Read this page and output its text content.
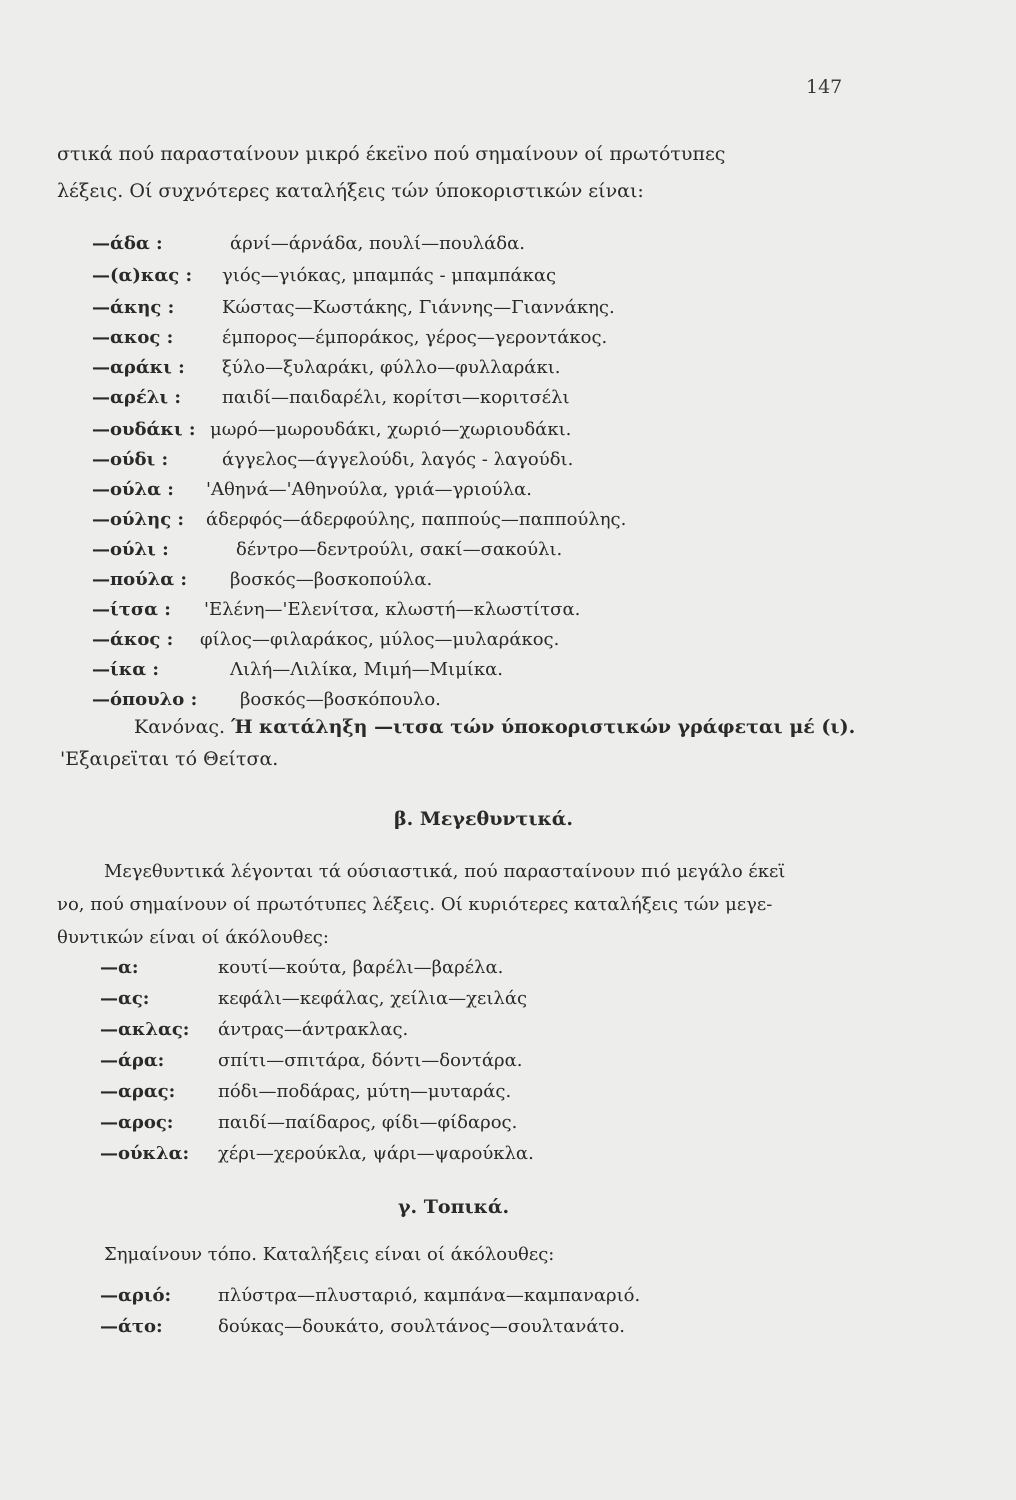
147
στικά πού παρασταίνουν μικρό έκεϊνο πού σημαίνουν οί πρωτότυπες
λέξεις. Οί συχνότερες καταλήξεις τών ύποκοριστικών είναι:
—άδα :	άρνί—άρνάδα, πουλί—πουλάδα.
—(α)κας : γιός—γιόκας, μπαμπάς - μπαμπάκας
—άκης :	Κώστας—Κωστάκης, Γιάννης—Γιαννάκης.
—ακος :	έμπορος—έμποράκος, γέρος—γεροντάκος.
—αράκι : ξύλο—ξυλαράκι, φύλλο—φυλλαράκι.
—αρέλι : παιδί—παιδαρέλι, κορίτσι—κοριτσέλι
—ουδάκι : μωρό—μωρουδάκι, χωριό—χωριουδάκι.
—ούδι :	άγγελος—άγγελούδι, λαγός - λαγούδι.
—ούλα : 'Αθηνά—'Αθηνούλα, γριά—γριούλα.
—ούλης : άδερφός—άδερφούλης, παππούς—παππούλης.
—ούλι :	δέντρο—δεντρούλι, σακί—σακούλι.
—πούλα : βοσκός—βοσκοπούλα.
—ίτσα : 'Ελένη—'Ελενίτσα, κλωστή—κλωστίτσα.
—άκος : φίλος—φιλαράκος, μύλος—μυλαράκος.
—ίκα :	Λιλή—Λιλίκα, Μιμή—Μιμίκα.
—όπουλο : βοσκός—βοσκόπουλο.
Κανόνας. Ή κατάληξη —ιτσα τών ύποκοριστικών γράφεται μέ (ι).
'Εξαιρεϊται τό Θείτσα.
β. Μεγεθυντικά.
Μεγεθυντικά λέγονται τά ούσιαστικά, πού παρασταίνουν πιό μεγάλο έκεϊ
νο, πού σημαίνουν οί πρωτότυπες λέξεις. Οί κυριότερες καταλήξεις τών μεγε-
θυντικών είναι οί άκόλουθες:
—α:	κουτί—κούτα, βαρέλι—βαρέλα.
—ας:	κεφάλι—κεφάλας, χείλια—χειλάς
—ακλας: άντρας—άντρακλας.
—άρα:	σπίτι—σπιτάρα, δόντι—δοντάρα.
—αρας: πόδι—ποδάρας, μύτη—μυταράς.
—αρος: παιδί—παίδαρος, φίδι—φίδαρος.
—ούκλα: χέρι—χερούκλα, ψάρι—ψαρούκλα.
γ. Τοπικά.
Σημαίνουν τόπο. Καταλήξεις είναι οί άκόλουθες:
—αριό:	πλύστρα—πλυσταριό, καμπάνα—καμπαναριό.
—άτο:	δούκας—δουκάτο, σουλτάνος—σουλτανάτο.
